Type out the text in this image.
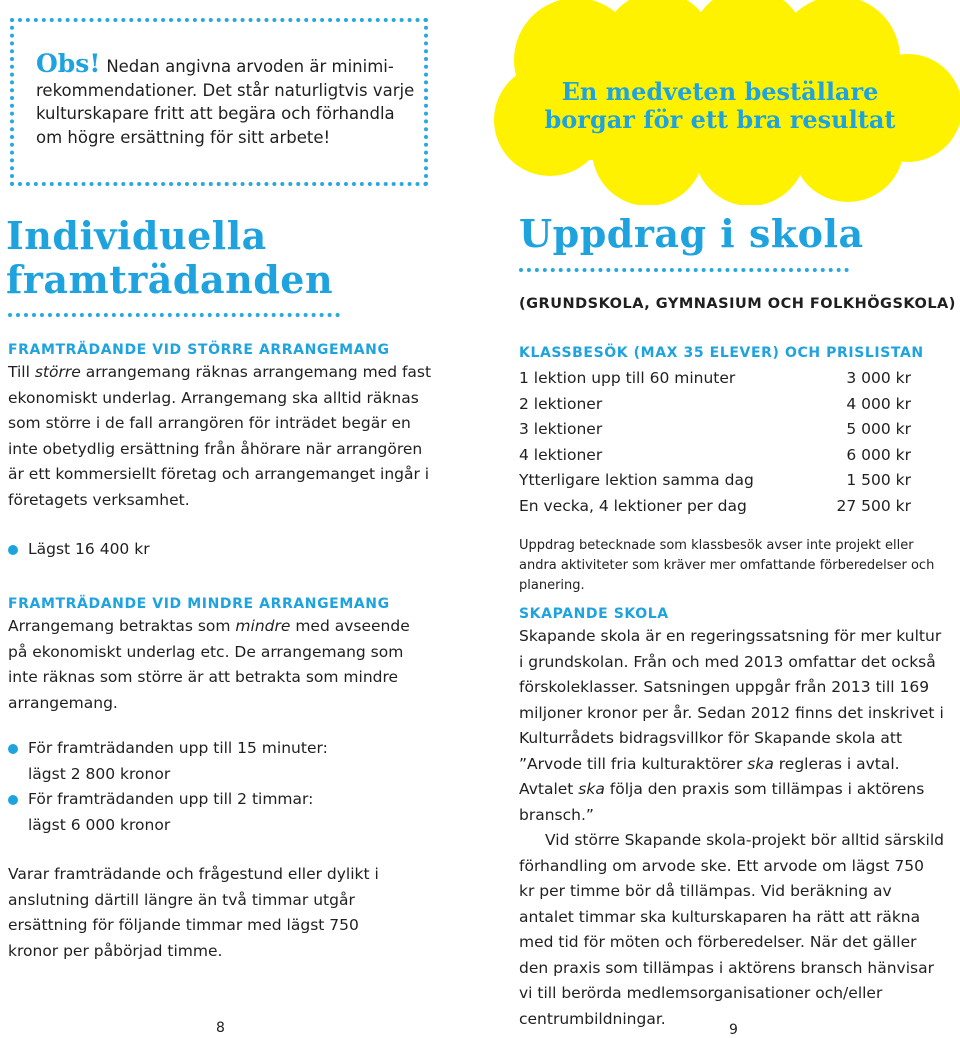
Obs! Nedan angivna arvoden är minimi- rekommendationer. Det står naturligtvis varje kulturskapare fritt att begära och förhandla om högre ersättning för sitt arbete!
Individuella
framträdanden
FRAMTRÄDANDE VID STÖRRE ARRANGEMANG
Till större arrangemang räknas arrangemang med fast ekonomiskt underlag. Arrangemang ska alltid räknas som större i de fall arrangören för inträdet begär en inte obetydlig ersättning från åhörare när arrangören är ett kommersiellt företag och arrangemanget ingår i företagets verksamhet.
Lägst 16 400 kr
FRAMTRÄDANDE VID MINDRE ARRANGEMANG
Arrangemang betraktas som mindre med avseende på ekonomiskt underlag etc. De arrangemang som inte räknas som större är att betrakta som mindre arrangemang.
För framträdanden upp till 15 minuter: lägst 2 800 kronor
För framträdanden upp till 2 timmar: lägst 6 000 kronor
Varar framträdande och frågestund eller dylikt i anslutning därtill längre än två timmar utgår ersättning för följande timmar med lägst 750 kronor per påbörjad timme.
8
En medveten beställare
borgar för ett bra resultat
Uppdrag i skola
(GRUNDSKOLA, GYMNASIUM OCH FOLKHÖGSKOLA)
KLASSBESÖK (MAX 35 ELEVER) OCH PRISLISTAN
1 lektion upp till 60 minuter	3 000 kr
2 lektioner	4 000 kr
3 lektioner	5 000 kr
4 lektioner	6 000 kr
Ytterligare lektion samma dag	1 500 kr
En vecka, 4 lektioner per dag	27 500 kr
Uppdrag betecknade som klassbesök avser inte projekt eller andra aktiviteter som kräver mer omfattande förberedelser och planering.
SKAPANDE SKOLA
Skapande skola är en regeringssatsning för mer kultur i grundskolan. Från och med 2013 omfattar det också förskoleklasser. Satsningen uppgår från 2013 till 169 miljoner kronor per år. Sedan 2012 finns det inskrivet i Kulturrådets bidragsvillkor för Skapande skola att ”Arvode till fria kulturaktörer ska regleras i avtal. Avtalet ska följa den praxis som tillämpas i aktörens bransch.”
Vid större Skapande skola-projekt bör alltid särskild förhandling om arvode ske. Ett arvode om lägst 750 kr per timme bör då tillämpas. Vid beräkning av antalet timmar ska kulturskaparen ha rätt att räkna med tid för möten och förberedelser. När det gäller den praxis som tillämpas i aktörens bransch hänvisar vi till berörda medlemsorganisationer och/eller centrumbildningar.
9
